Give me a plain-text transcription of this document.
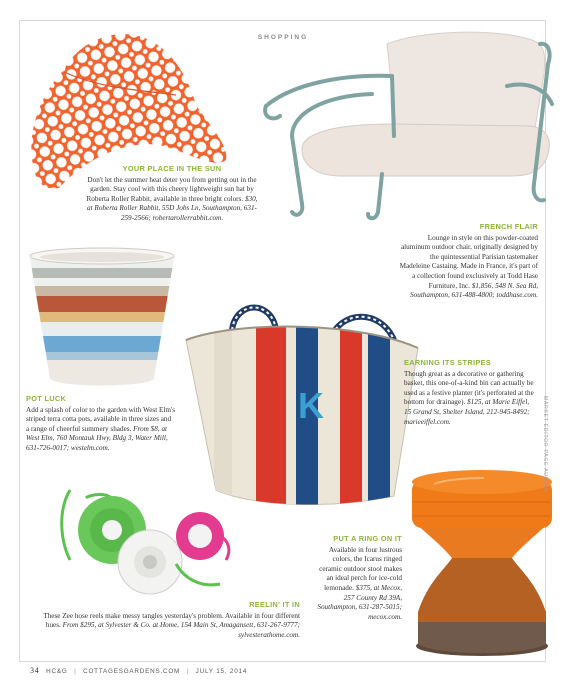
SHOPPING
K
YOUR PLACE IN THE SUN
Don't let the summer heat deter you from getting out in the garden. Stay cool with this cheery lightweight sun hat by Roberta Roller Rabbit, available in three bright colors. $30, at Roberta Roller Rabbit, 55D Jobs Ln, Southampton, 631-259-2566; robertarollerrabbit.com.
FRENCH FLAIR
Lounge in style on this powder-coated aluminum outdoor chair, originally designed by the quintessential Parisian tastemaker Madeleine Castaing. Made in France, it's part of a collection found exclusively at Todd Hase Furniture, Inc. $1,856, 548 N. Sea Rd, Southampton, 631-488-4800; toddhase.com.
POT LUCK
Add a splash of color to the garden with West Elm's striped terra cotta pots, available in three sizes and a range of cheerful summery shades. From $8, at West Elm, 760 Montauk Hwy, Bldg 3, Water Mill, 631-726-0017; westelm.com.
EARNING ITS STRIPES
Though great as a decorative or gathering basket, this one-of-a-kind bin can actually be used as a festive planter (it's perforated at the bottom for drainage). $125, at Marie Eiffel, 15 Grand St, Shelter Island, 212-945-8492; marieeiffel.com.
PUT A RING ON IT
Available in four lustrous colors, the Icarus ringed ceramic outdoor stool makes an ideal perch for ice-cold lemonade. $375, at Mecox, 257 County Rd 39A, Southampton, 631-287-5015; mecox.com.
REELIN' IT IN
These Zee hose reels make messy tangles yesterday's problem. Available in four different hues. From $295, at Sylvester & Co. at Home, 154 Main St, Amagansett, 631-267-9777; sylvesterathome.com.
MARKET EDITOR PAGE AUGIUS
34 HC&G | COTTAGESGARDENS.COM | JULY 15, 2014
